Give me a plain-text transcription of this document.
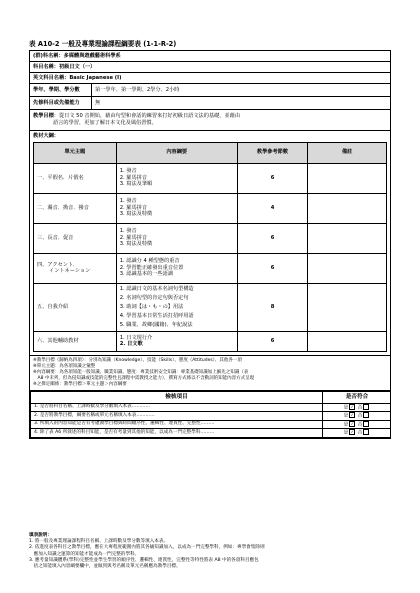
表 A10-2 一般及專業理論課程綱要表 (1-1-R-2)
(群)科名稱：多媒體與遊戲藝術科學系
科目名稱：初級日文（一）
英文科目名稱：Basic Japanese (I)
學年、學期、學分數	第一學年、第一學期、2學分、2小時
先修科目或先備能力	無

教學目標：從日文 50 音開始，藉由句型和會話的練習來打好初級日語文法的基礎，並藉由
語言的學習，更加了解日本文化及風俗習慣。

教材大綱：
單元主題	內容綱要	教學參考節數	備註
一、平假名．片假名	
1. 發音
2. 羅馬拼音
3. 寫法及筆順
	6	
二、濁音．拗音．撥音	
1. 發音
2. 羅馬拼音
3. 寫法及特徵
	4	
三、長音．促音	
1. 發音
2. 羅馬拼音
3. 寫法及特徵
	6	

四、アクセント．
イントネーション

1. 認識分 4 種型態的重音
2. 學習能正確發出重音位置
3. 認識基本的一些語調
	6	
五、自我介紹	
1. 認識日文的基本名詞句型構造
2. 名詞句型的肯定句與否定句
3. 助詞【は・も・の】用法
4. 學習基本日常生活打招呼用語
5. 職業、故鄉(國籍)、年紀說法
	8	
六、其他輔助教材	
1. 日文現行介
2. 日文歌
	6	

※教學目標（歸納為四項）：分別為知識（Knowledge）、技能（Skills）、態度（Attitudes）、其他各一項
※單元主題：為各項知識之彙整
※內容綱要：為各項知能一般知識、職業知識、態度：專業技術安全知識：專業基礎知識加上細先之知識（表
　A8 中未列，但為侵知識或技能的完整性且課程中需教授之能力），撰寫方式係以不含動詞的知能內容方式呈現
※之擇定關係：教學目標＞單元主題＞內容綱要

檢核項目	是否符合
1. 是否將科目名稱、上課時數及學分數填入本表…………	是 ✓ 否
2. 是否將教學目標，綱要名稱或單元名稱填入本表…………	是 ✓ 否
3. 所填入的內容知能是否有考慮教學目標與時間順序性、邏輯性、連貫性、完整性………	是 ✓ 否
4. 除了表 A6 所敘述的科目知能，是否有考量到其他的知能，以成為一門完整學科………	是 ✓ 否
填表說明：
1. 將一般及專業理論課程科目名稱、上課時數及學分數等填入本表。
2. 依進度表各科目之教學目標，應在大專程度範圍內將其各級知識加入，以成為一門完整學科，例如：專學會集除則
　應加入知識之運算的知能才能成為一門完整的學科。
3. 應考量知識體系(學科)完整性並學生學習的順序性、邏輯性、連貫性，完整性等特性將表 A8 中的各項科目應包
　括之知能填入內容綱要欄中，並做到與考名稱及單元名稱應為教學目標。
